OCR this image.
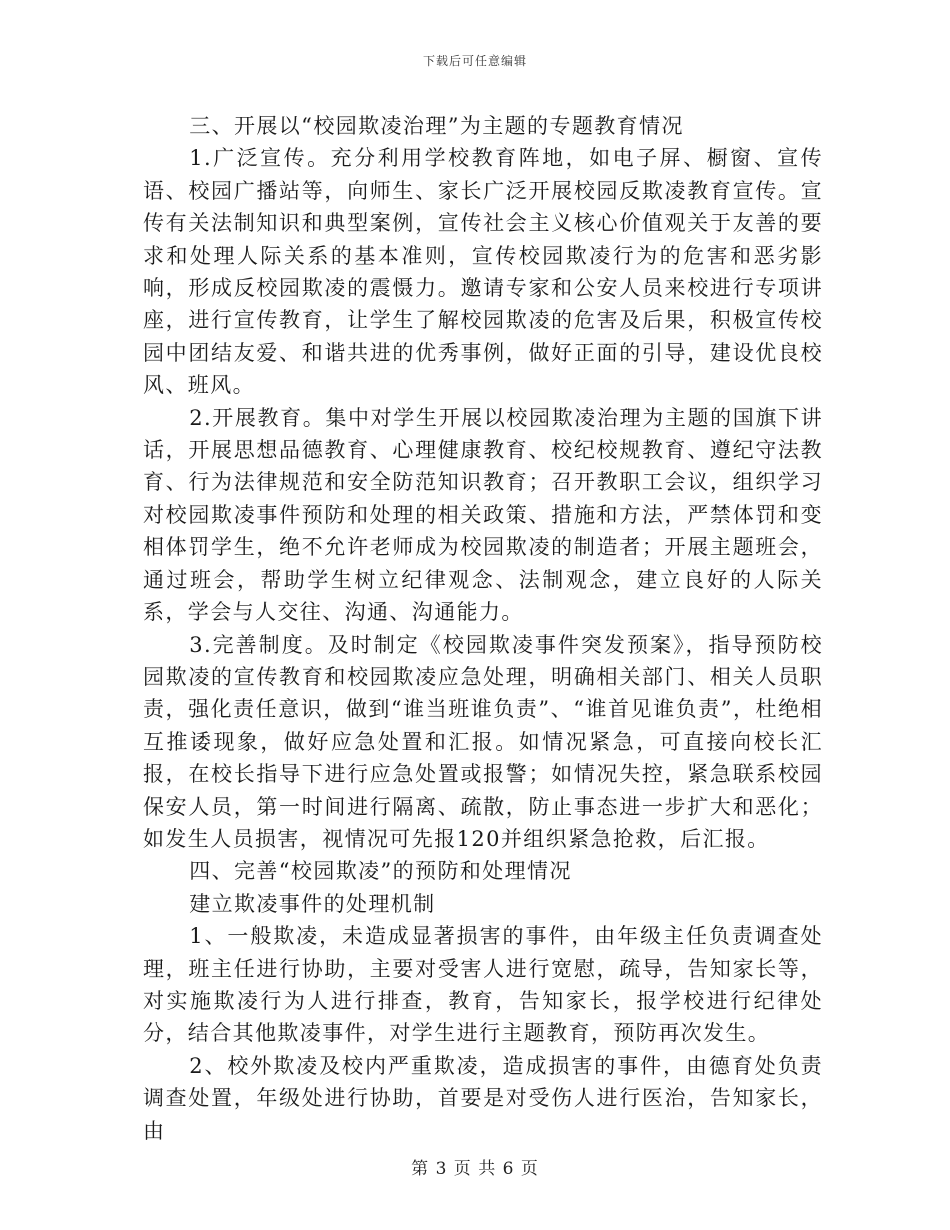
下载后可任意编辑

三、开展以“校园欺凌治理”为主题的专题教育情况

1.广泛宣传。充分利用学校教育阵地，如电子屏、橱窗、宣传语、校园广播站等，向师生、家长广泛开展校园反欺凌教育宣传。宣传有关法制知识和典型案例，宣传社会主义核心价值观关于友善的要求和处理人际关系的基本准则，宣传校园欺凌行为的危害和恶劣影响，形成反校园欺凌的震慑力。邀请专家和公安人员来校进行专项讲座，进行宣传教育，让学生了解校园欺凌的危害及后果，积极宣传校园中团结友爱、和谐共进的优秀事例，做好正面的引导，建设优良校风、班风。

2.开展教育。集中对学生开展以校园欺凌治理为主题的国旗下讲话，开展思想品德教育、心理健康教育、校纪校规教育、遵纪守法教育、行为法律规范和安全防范知识教育；召开教职工会议，组织学习对校园欺凌事件预防和处理的相关政策、措施和方法，严禁体罚和变相体罚学生，绝不允许老师成为校园欺凌的制造者；开展主题班会，通过班会，帮助学生树立纪律观念、法制观念，建立良好的人际关系，学会与人交往、沟通、沟通能力。

3.完善制度。及时制定《校园欺凌事件突发预案》，指导预防校园欺凌的宣传教育和校园欺凌应急处理，明确相关部门、相关人员职责，强化责任意识，做到“谁当班谁负责”、“谁首见谁负责”，杜绝相互推诿现象，做好应急处置和汇报。如情况紧急，可直接向校长汇报，在校长指导下进行应急处置或报警；如情况失控，紧急联系校园保安人员，第一时间进行隔离、疏散，防止事态进一步扩大和恶化；如发生人员损害，视情况可先报120并组织紧急抢救，后汇报。

四、完善“校园欺凌”的预防和处理情况

建立欺凌事件的处理机制

1、一般欺凌，未造成显著损害的事件，由年级主任负责调查处理，班主任进行协助，主要对受害人进行宽慰，疏导，告知家长等，对实施欺凌行为人进行排查，教育，告知家长，报学校进行纪律处分，结合其他欺凌事件，对学生进行主题教育，预防再次发生。

2、校外欺凌及校内严重欺凌，造成损害的事件，由德育处负责调查处置，年级处进行协助，首要是对受伤人进行医治，告知家长，由

第 3 页 共 6 页
